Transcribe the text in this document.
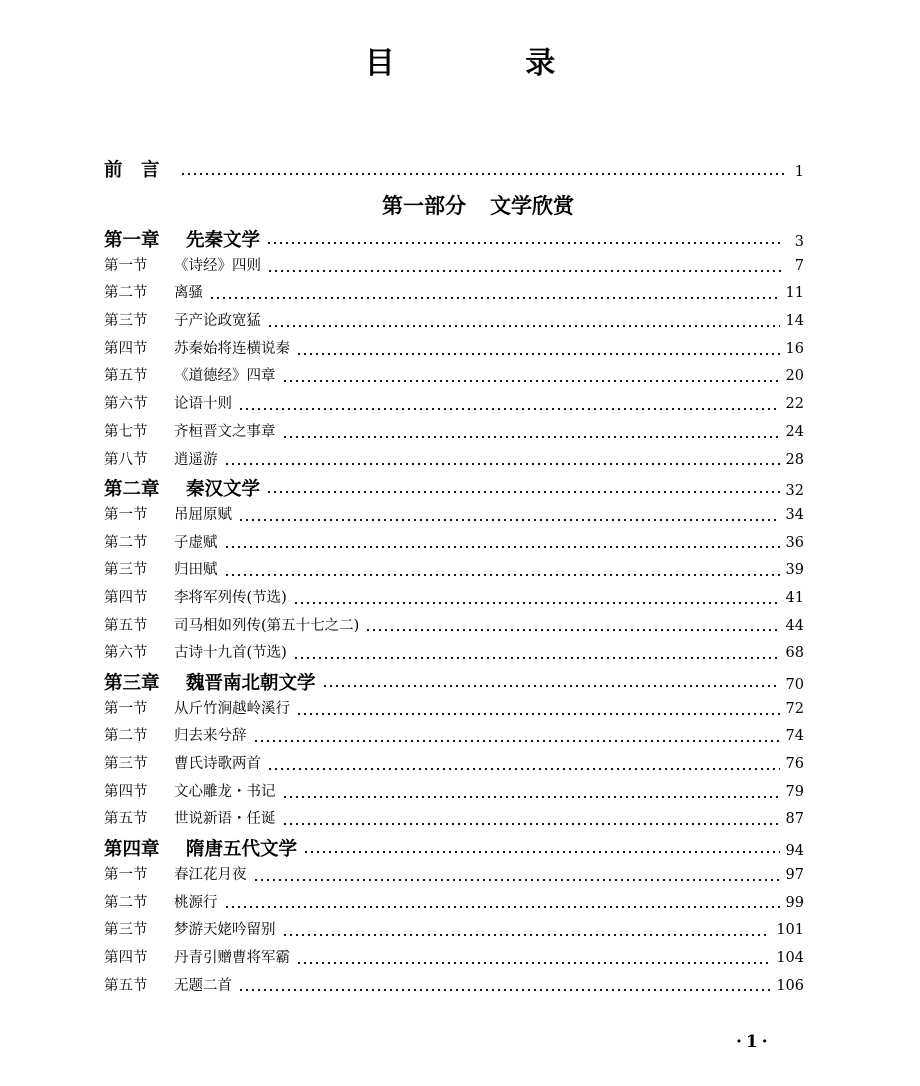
目 录
前　言	1
第一部分 文学欣赏
第一章	先秦文学	3
第一节	《诗经》四则	7
第二节	离骚	11
第三节	子产论政宽猛	14
第四节	苏秦始将连横说秦	16
第五节	《道德经》四章	20
第六节	论语十则	22
第七节	齐桓晋文之事章	24
第八节	逍遥游	28
第二章	秦汉文学	32
第一节	吊屈原赋	34
第二节	子虚赋	36
第三节	归田赋	39
第四节	李将军列传(节选)	41
第五节	司马相如列传(第五十七之二)	44
第六节	古诗十九首(节选)	68
第三章	魏晋南北朝文学	70
第一节	从斤竹涧越岭溪行	72
第二节	归去来兮辞	74
第三节	曹氏诗歌两首	76
第四节	文心雕龙・书记	79
第五节	世说新语・任诞	87
第四章	隋唐五代文学	94
第一节	春江花月夜	97
第二节	桃源行	99
第三节	梦游天姥吟留别	101
第四节	丹青引赠曹将军霸	104
第五节	无题二首	106
·1·
